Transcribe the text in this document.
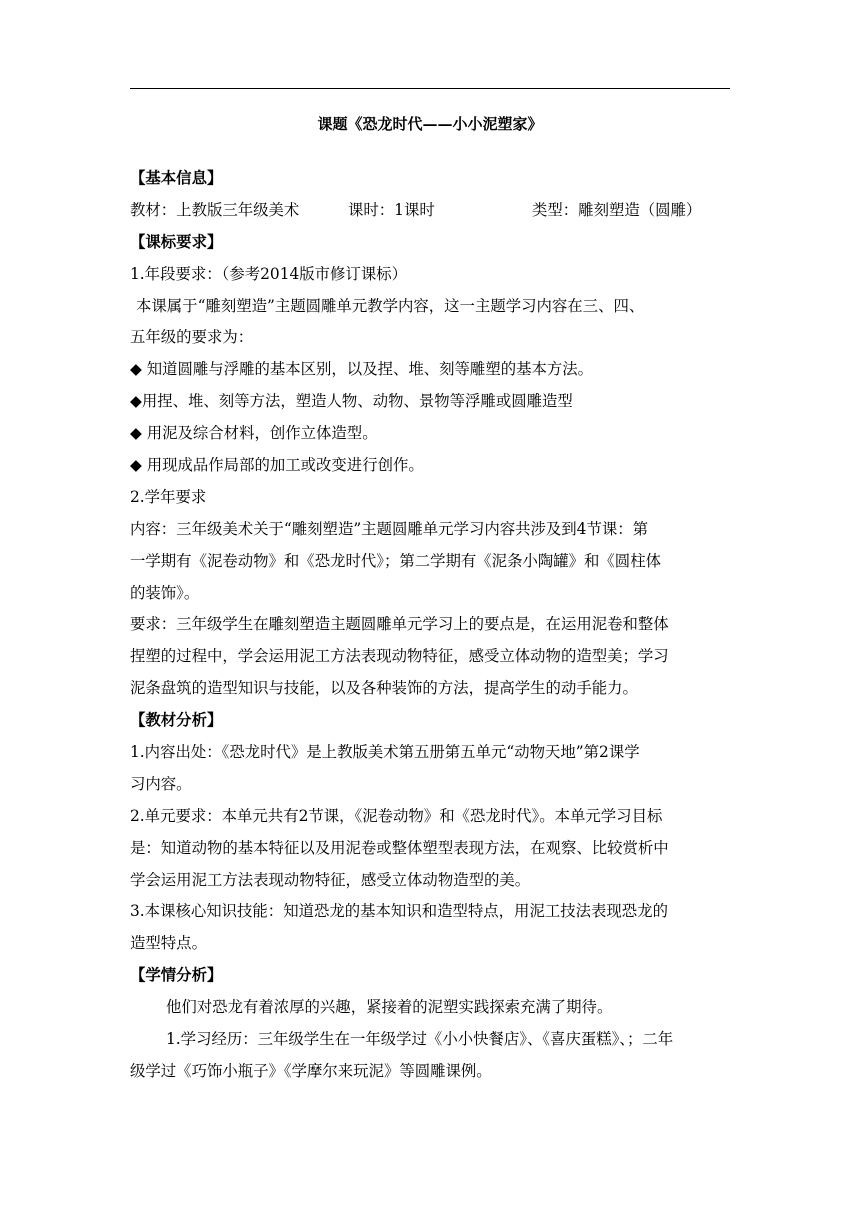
课题《恐龙时代——小小泥塑家》
【基本信息】
教材：上教版三年级美术	课时：1课时	类型：雕刻塑造（圆雕）
【课标要求】
1.年段要求：（参考2014版市修订课标）
本课属于“雕刻塑造”主题圆雕单元教学内容，这一主题学习内容在三、四、
五年级的要求为：
◆ 知道圆雕与浮雕的基本区别，以及捏、堆、刻等雕塑的基本方法。
◆用捏、堆、刻等方法，塑造人物、动物、景物等浮雕或圆雕造型
◆ 用泥及综合材料，创作立体造型。
◆ 用现成品作局部的加工或改变进行创作。
2.学年要求
内容：三年级美术关于“雕刻塑造”主题圆雕单元学习内容共涉及到4节课：第
一学期有《泥卷动物》和《恐龙时代》；第二学期有《泥条小陶罐》和《圆柱体
的装饰》。
要求：三年级学生在雕刻塑造主题圆雕单元学习上的要点是，在运用泥卷和整体
捏塑的过程中，学会运用泥工方法表现动物特征，感受立体动物的造型美；学习
泥条盘筑的造型知识与技能，以及各种装饰的方法，提高学生的动手能力。
【教材分析】
1.内容出处：《恐龙时代》是上教版美术第五册第五单元“动物天地”第2课学
习内容。
2.单元要求：本单元共有2节课，《泥卷动物》和《恐龙时代》。本单元学习目标
是：知道动物的基本特征以及用泥卷或整体塑型表现方法，在观察、比较赏析中
学会运用泥工方法表现动物特征，感受立体动物造型的美。
3.本课核心知识技能：知道恐龙的基本知识和造型特点，用泥工技法表现恐龙的
造型特点。
【学情分析】
他们对恐龙有着浓厚的兴趣，紧接着的泥塑实践探索充满了期待。
1.学习经历：三年级学生在一年级学过《小小快餐店》、《喜庆蛋糕》、；二年
级学过《巧饰小瓶子》《学摩尔来玩泥》等圆雕课例。
